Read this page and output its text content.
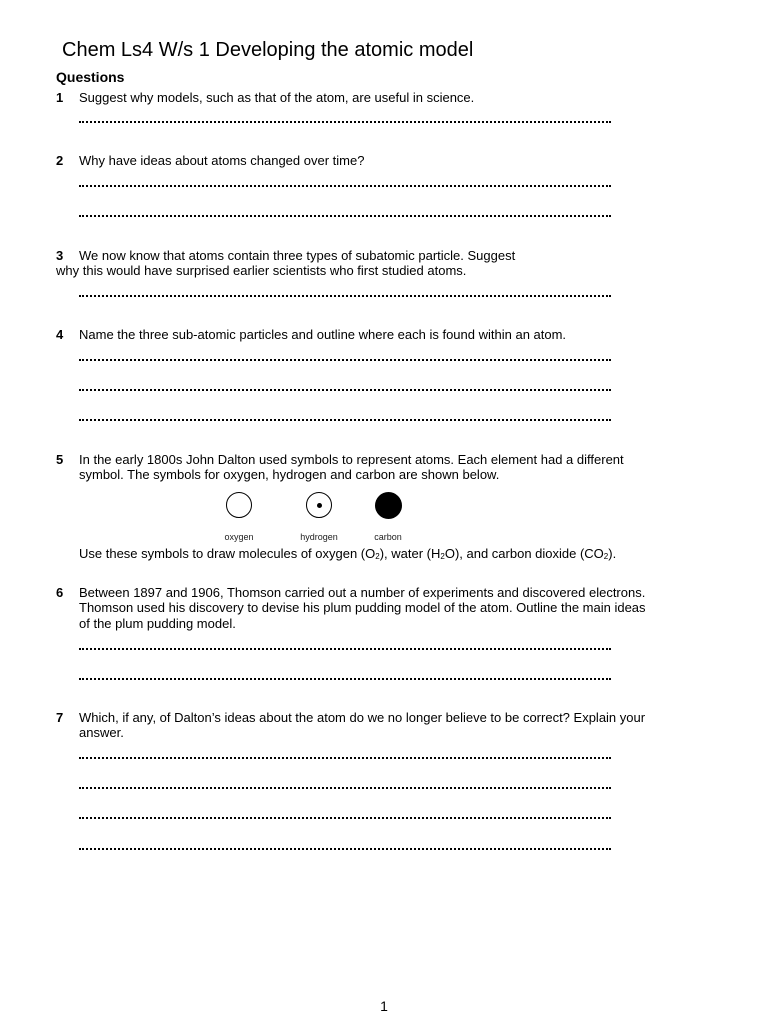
Chem Ls4 W/s 1 Developing the atomic model
Questions
1 Suggest why models, such as that of the atom, are useful in science.
2 Why have ideas about atoms changed over time?
3 We now know that atoms contain three types of subatomic particle. Suggest
why this would have surprised earlier scientists who first studied atoms.
4 Name the three sub-atomic particles and outline where each is found within an atom.
5 In the early 1800s John Dalton used symbols to represent atoms. Each element had a different
symbol. The symbols for oxygen, hydrogen and carbon are shown below.
oxygen	hydrogen	carbon
Use these symbols to draw molecules of oxygen $(O_2)$, water $(H_2O)$, and carbon dioxide $(CO_2)$.
6 Between 1897 and 1906, Thomson carried out a number of experiments and discovered electrons.
Thomson used his discovery to devise his plum pudding model of the atom. Outline the main ideas
of the plum pudding model.
7 Which, if any, of Dalton’s ideas about the atom do we no longer believe to be correct? Explain your
answer.
1
